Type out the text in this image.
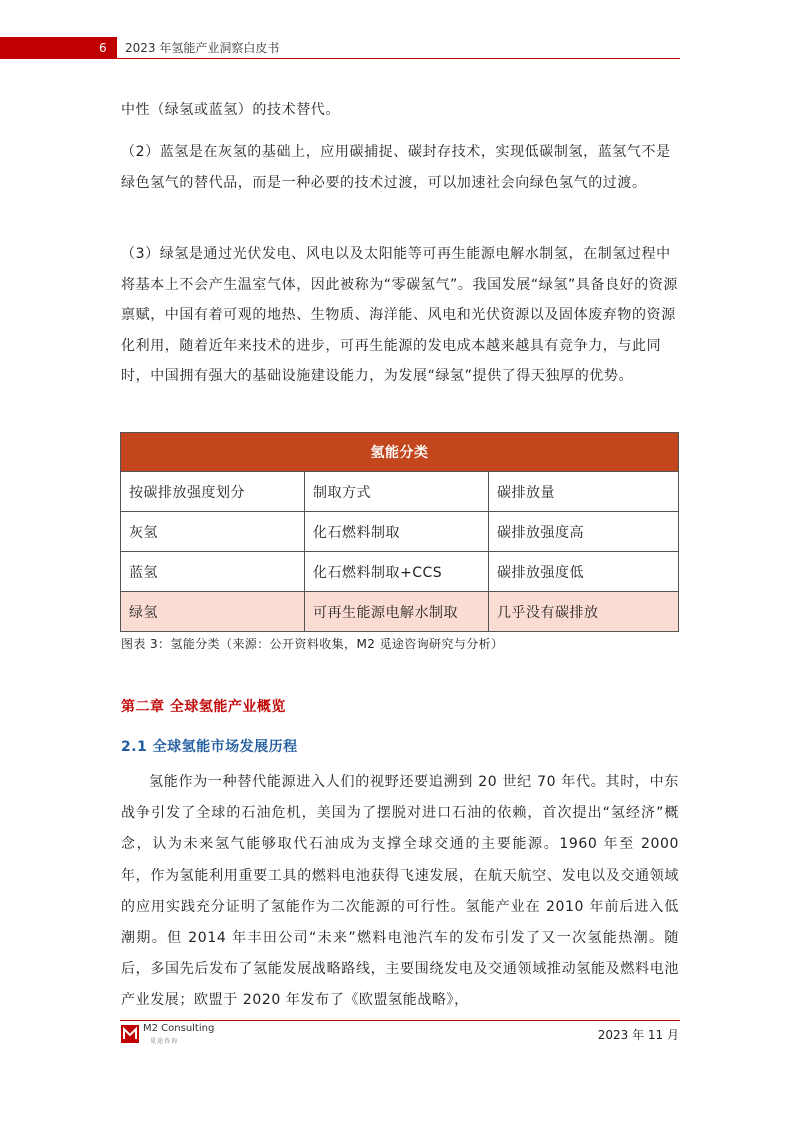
6 2023 年氢能产业洞察白皮书
中性（绿氢或蓝氢）的技术替代。
（2）蓝氢是在灰氢的基础上，应用碳捕捉、碳封存技术，实现低碳制氢，蓝氢气不是绿色氢气的替代品，而是一种必要的技术过渡，可以加速社会向绿色氢气的过渡。
（3）绿氢是通过光伏发电、风电以及太阳能等可再生能源电解水制氢，在制氢过程中将基本上不会产生温室气体，因此被称为“零碳氢气”。我国发展“绿氢”具备良好的资源禀赋，中国有着可观的地热、生物质、海洋能、风电和光伏资源以及固体废弃物的资源化利用，随着近年来技术的进步，可再生能源的发电成本越来越具有竞争力，与此同时，中国拥有强大的基础设施建设能力，为发展“绿氢”提供了得天独厚的优势。
氢能分类		
按碳排放强度划分	制取方式	碳排放量
灰氢	化石燃料制取	碳排放强度高
蓝氢	化石燃料制取+CCS	碳排放强度低
绿氢	可再生能源电解水制取	几乎没有碳排放
图表 3：氢能分类（来源：公开资料收集，M2 觅途咨询研究与分析）
第二章 全球氢能产业概览
2.1 全球氢能市场发展历程
氢能作为一种替代能源进入人们的视野还要追溯到 20 世纪 70 年代。其时，中东战争引发了全球的石油危机，美国为了摆脱对进口石油的依赖，首次提出“氢经济”概念，认为未来氢气能够取代石油成为支撑全球交通的主要能源。1960 年至 2000 年，作为氢能利用重要工具的燃料电池获得飞速发展，在航天航空、发电以及交通领域的应用实践充分证明了氢能作为二次能源的可行性。氢能产业在 2010 年前后进入低潮期。但 2014 年丰田公司“未来”燃料电池汽车的发布引发了又一次氢能热潮。随后，多国先后发布了氢能发展战略路线，主要围绕发电及交通领域推动氢能及燃料电池产业发展；欧盟于 2020 年发布了《欧盟氢能战略》，
M2 Consulting
觅途咨询	2023 年 11 月
